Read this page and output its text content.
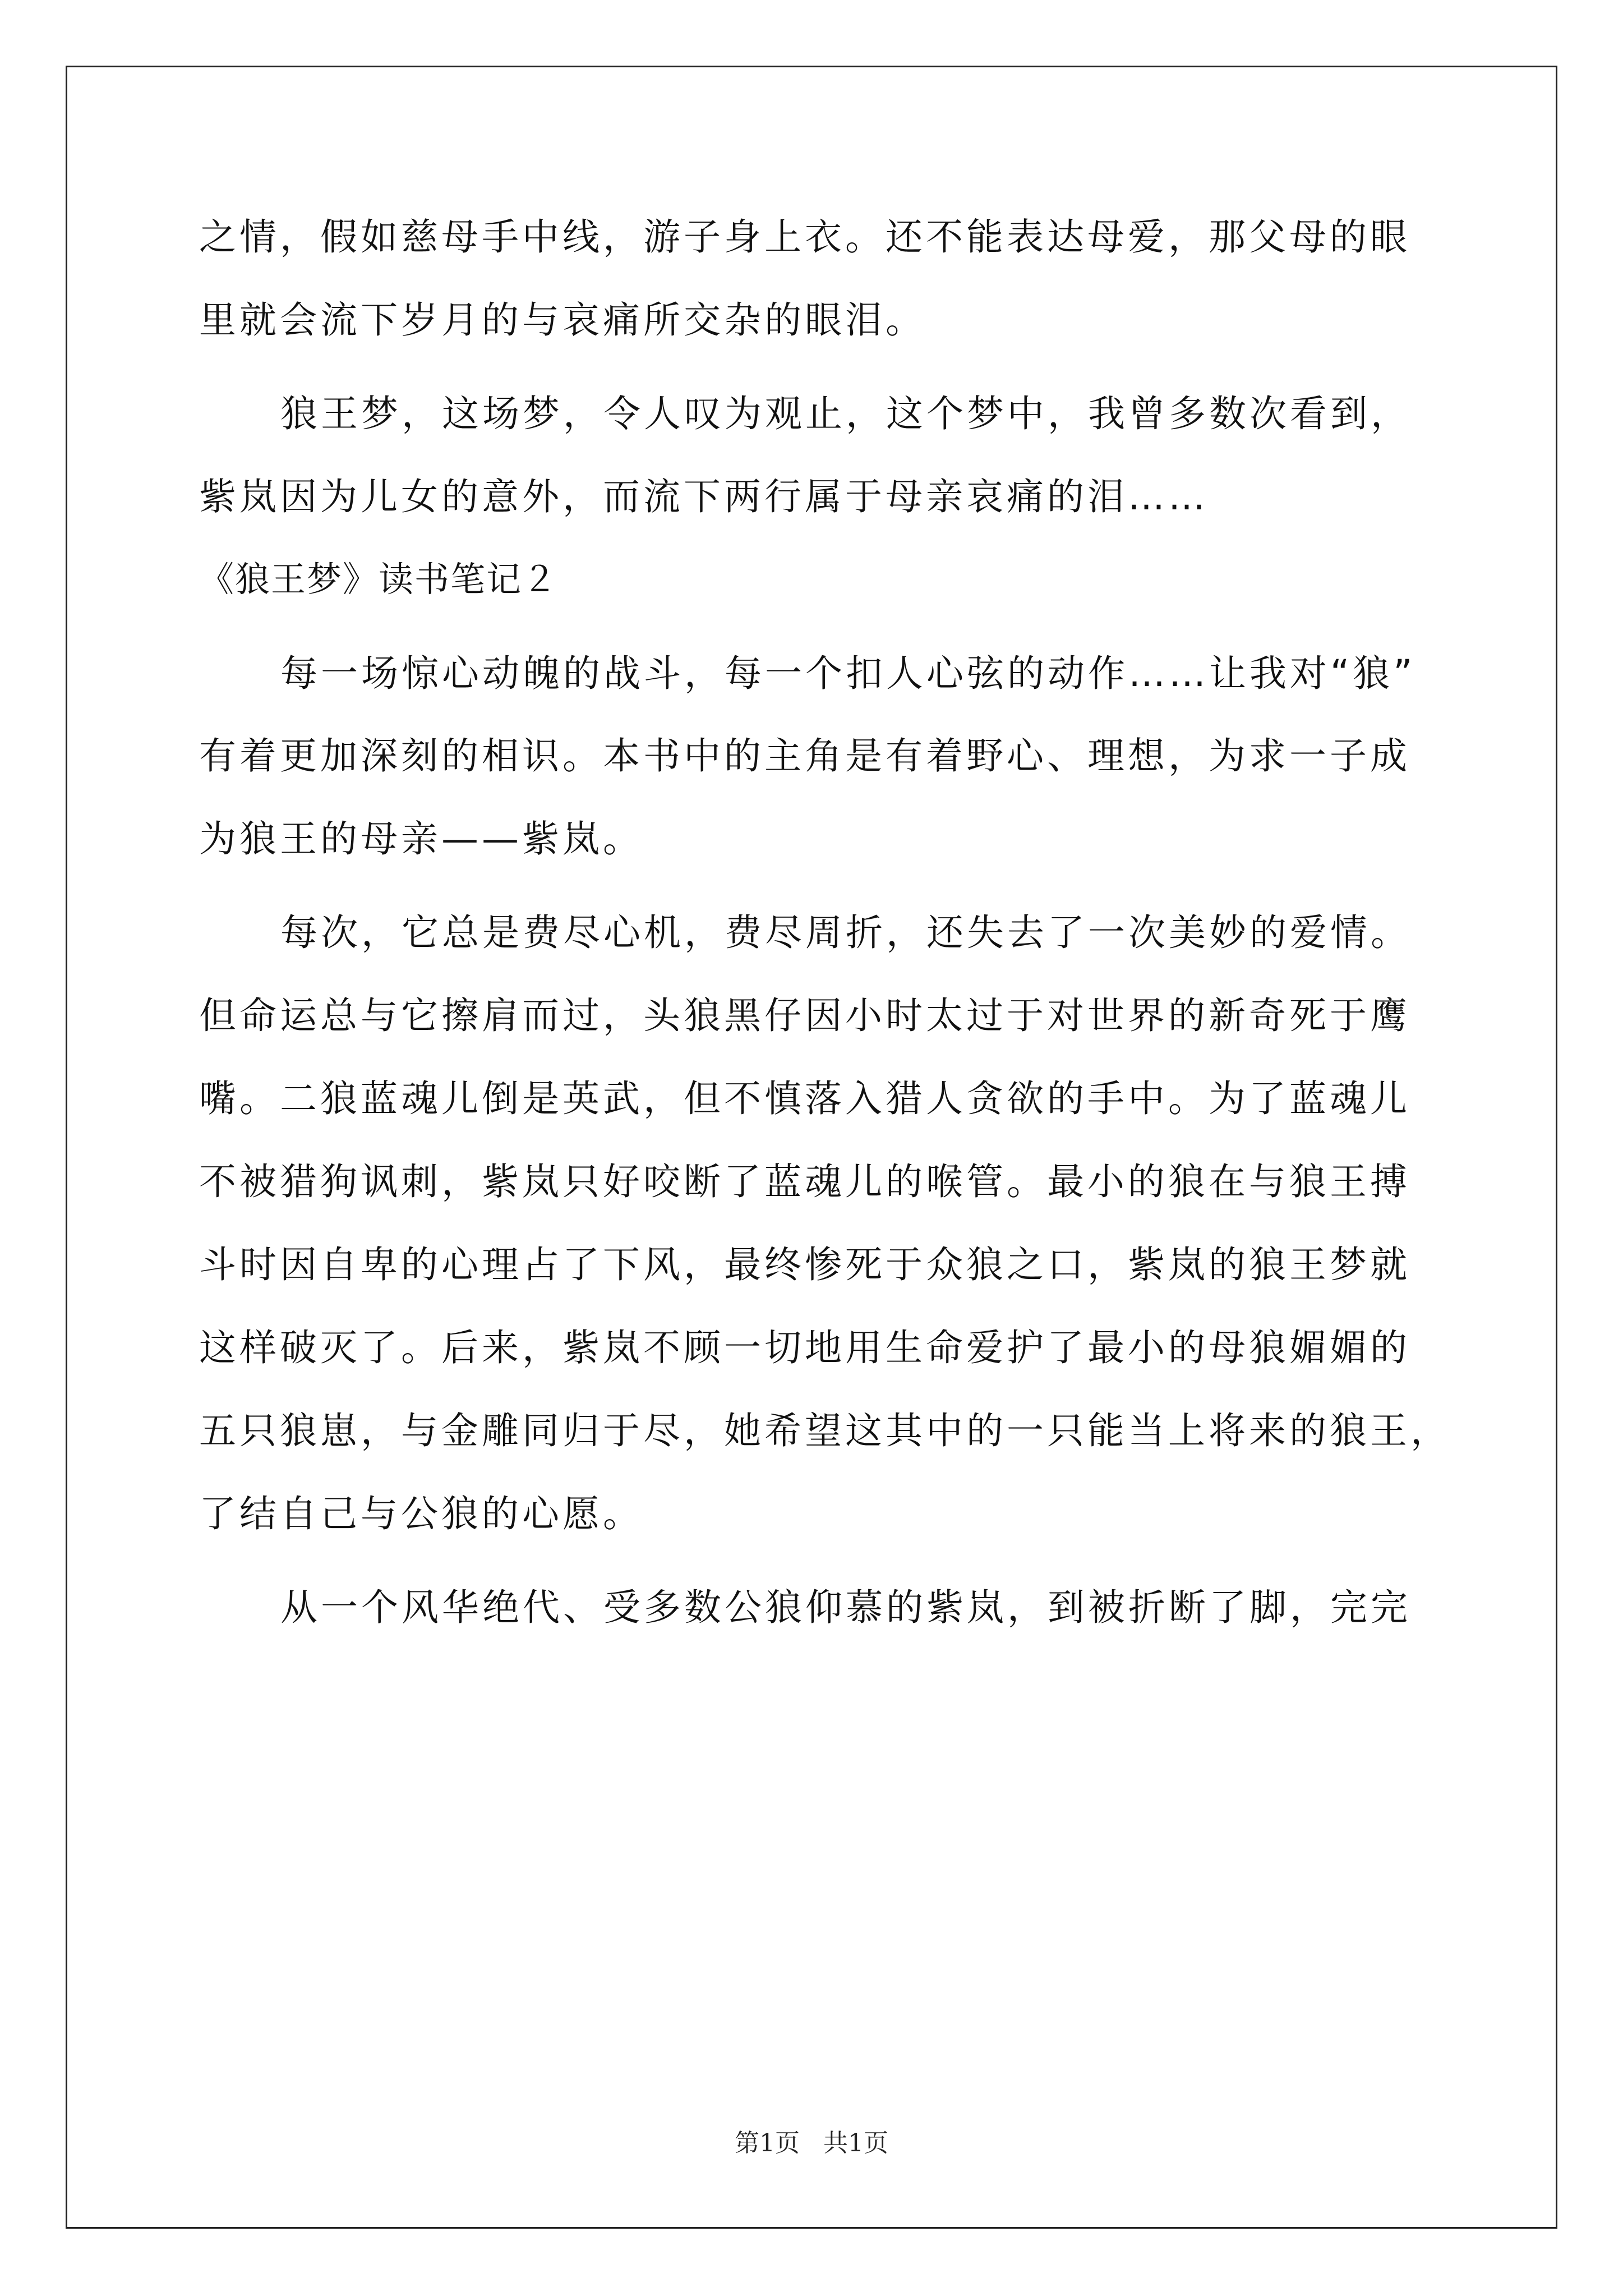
之情，假如慈母手中线，游子身上衣。还不能表达母爱，那父母的眼

里就会流下岁月的与哀痛所交杂的眼泪。

狼王梦，这场梦，令人叹为观止，这个梦中，我曾多数次看到，

紫岚因为儿女的意外，而流下两行属于母亲哀痛的泪……

《狼王梦》读书笔记２

每一场惊心动魄的战斗，每一个扣人心弦的动作……让我对“狼”

有着更加深刻的相识。本书中的主角是有着野心、理想，为求一子成

为狼王的母亲——紫岚。

每次，它总是费尽心机，费尽周折，还失去了一次美妙的爱情。

但命运总与它擦肩而过，头狼黑仔因小时太过于对世界的新奇死于鹰

嘴。二狼蓝魂儿倒是英武，但不慎落入猎人贪欲的手中。为了蓝魂儿

不被猎狗讽刺，紫岚只好咬断了蓝魂儿的喉管。最小的狼在与狼王搏

斗时因自卑的心理占了下风，最终惨死于众狼之口，紫岚的狼王梦就

这样破灭了。后来，紫岚不顾一切地用生命爱护了最小的母狼媚媚的

五只狼崽，与金雕同归于尽，她希望这其中的一只能当上将来的狼王，

了结自己与公狼的心愿。

从一个风华绝代、受多数公狼仰慕的紫岚，到被折断了脚，完完

第1页   共1页
